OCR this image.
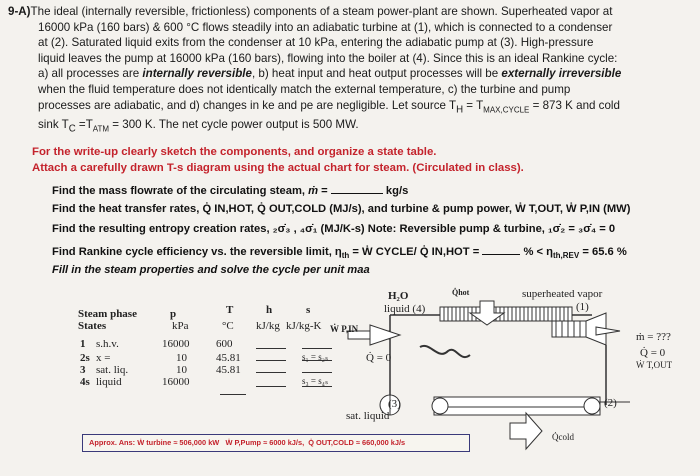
9-A)The ideal (internally reversible, frictionless) components of a steam power-plant are shown. Superheated vapor at
16000 kPa (160 bars) & 600 °C flows steadily into an adiabatic turbine at (1), which is connected to a condenser
at (2). Saturated liquid exits from the condenser at 10 kPa, entering the adiabatic pump at (3). High-pressure
liquid leaves the pump at 16000 kPa (160 bars), flowing into the boiler at (4). Since this is an ideal Rankine cycle:
a) all processes are internally reversible, b) heat input and heat output processes will be externally irreversible
when the fluid temperature does not identically match the external temperature, c) the turbine and pump
processes are adiabatic, and d) changes in ke and pe are negligible. Let source $T_H = T_{MAX,CYCLE} = 873$ K and cold
sink $T_C =T_{ATM} = 300$ K. The net cycle power output is 500 MW.
For the write-up clearly sketch the components, and organize a state table.
Attach a carefully drawn T-s diagram using the actual chart for steam. (Circulated in class).
Find the mass flowrate of the circulating steam, ṁ =	kg/s
Find the heat transfer rates, Q̇ IN,HOT, Q̇ OUT,COLD (MJ/s), and turbine & pump power, Ẇ T,OUT, Ẇ P,IN (MW)
Find the resulting entropy creation rates, ₂σ̇₃ , ₄σ̇₁ (MJ/K-s) Note: Reversible pump & turbine, ₁σ̇₂ = ₃σ̇₄ = 0
Find Rankine cycle efficiency vs. the reversible limit, $\eta_{th}$ = Ẇ CYCLE/ Q̇ IN,HOT =	% < $\eta_{th,REV} = 65.6$ %
Fill in the steam properties and solve the cycle per unit maa
Steam phase	p	T	h	s
States	kPa	°C kJ/kg kJ/kg-K
1 s.h.v.	16000 600
2s x =	10	45.81
3 sat. liq.	10	45.81
4s liquid	16000
H₂O
liquid (4)
Q̇hot	superheated vapor
(1)
Ẇ P,IN
Q̇ = 0
s₁ = s₂ₛ
s₃ = s₄ₛ
ṁ = ???
Q̇ = 0
Ẇ T,OUT
(3)
sat. liquid
(2)
Q̇cold
Approx. Ans: Ẇ turbine ≈ 506,000 kW Ẇ P,Pump ≈ 6000 kJ/s, Q̇ OUT,COLD ≈ 660,000 kJ/s
